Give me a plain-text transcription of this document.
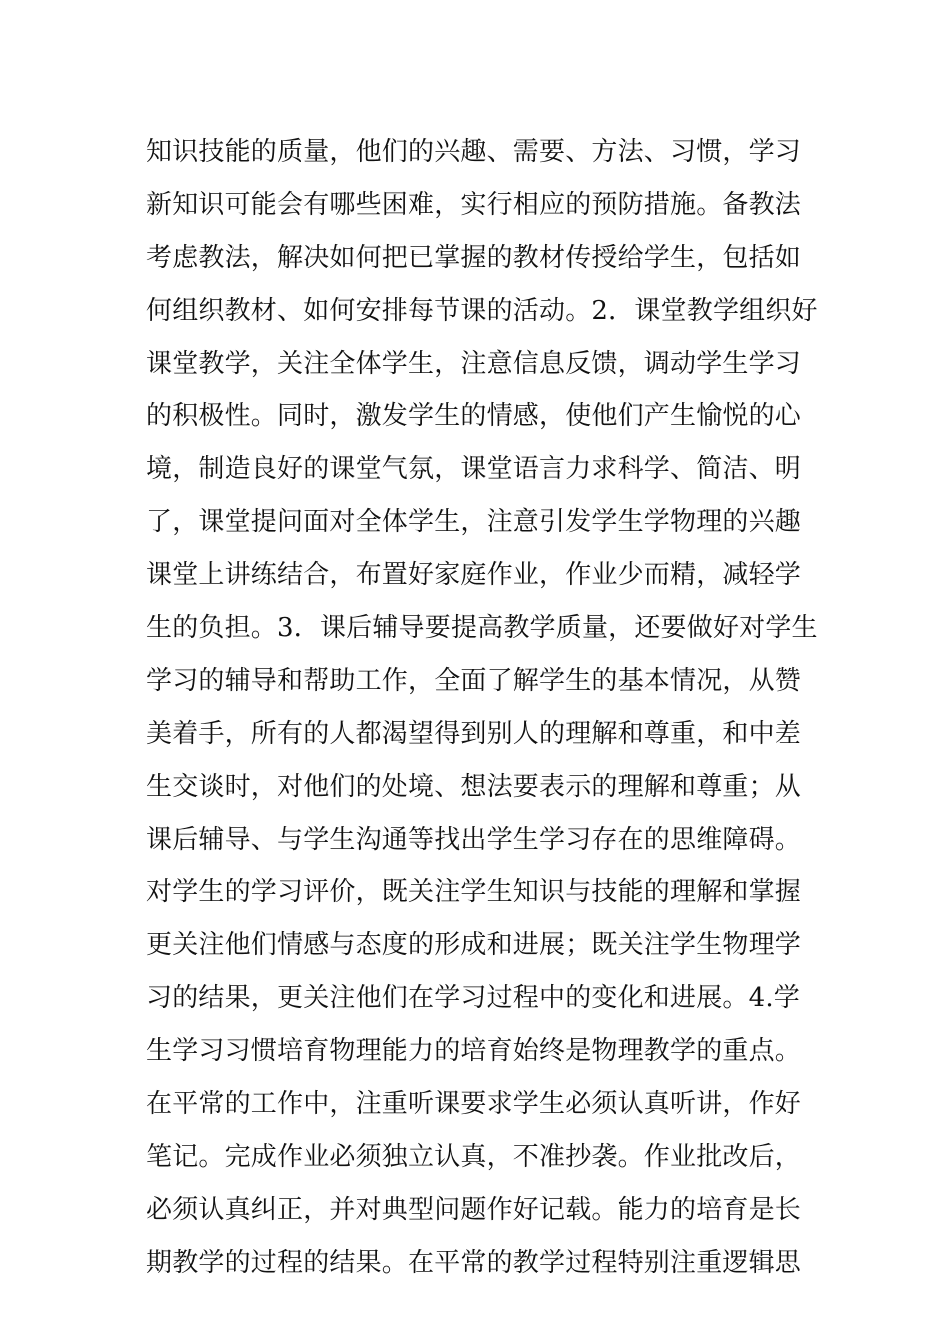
知识技能的质量，他们的兴趣、需要、方法、习惯，学习
新知识可能会有哪些困难，实行相应的预防措施。备教法
考虑教法，解决如何把已掌握的教材传授给学生，包括如
何组织教材、如何安排每节课的活动。2．课堂教学组织好
课堂教学，关注全体学生，注意信息反馈，调动学生学习
的积极性。同时，激发学生的情感，使他们产生愉悦的心
境，制造良好的课堂气氛，课堂语言力求科学、简洁、明
了，课堂提问面对全体学生，注意引发学生学物理的兴趣
课堂上讲练结合，布置好家庭作业，作业少而精，减轻学
生的负担。3．课后辅导要提高教学质量，还要做好对学生
学习的辅导和帮助工作，全面了解学生的基本情况，从赞
美着手，所有的人都渴望得到别人的理解和尊重，和中差
生交谈时，对他们的处境、想法要表示的理解和尊重；从
课后辅导、与学生沟通等找出学生学习存在的思维障碍。
对学生的学习评价，既关注学生知识与技能的理解和掌握
更关注他们情感与态度的形成和进展；既关注学生物理学
习的结果，更关注他们在学习过程中的变化和进展。4.学
生学习习惯培育物理能力的培育始终是物理教学的重点。
在平常的工作中，注重听课要求学生必须认真听讲，作好
笔记。完成作业必须独立认真，不准抄袭。作业批改后，
必须认真纠正，并对典型问题作好记载。能力的培育是长
期教学的过程的结果。在平常的教学过程特别注重逻辑思
